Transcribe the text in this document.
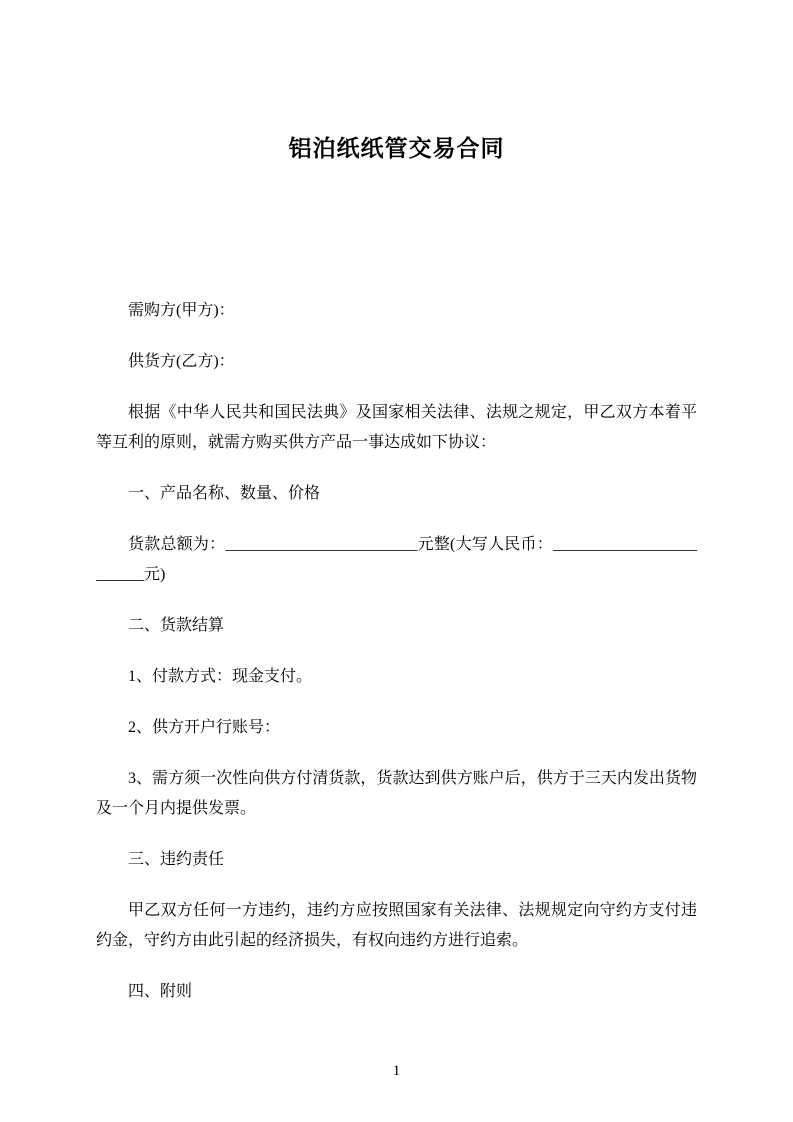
铝泊纸纸管交易合同

需购方(甲方)：

供货方(乙方)：

根据《中华人民共和国民法典》及国家相关法律、法规之规定，甲乙双方本着平等互利的原则，就需方购买供方产品一事达成如下协议：

一、产品名称、数量、价格

货款总额为：________________________元整(大写人民币：________________________元)

二、货款结算

1、付款方式：现金支付。

2、供方开户行账号：

3、需方须一次性向供方付清货款，货款达到供方账户后，供方于三天内发出货物及一个月内提供发票。

三、违约责任

甲乙双方任何一方违约，违约方应按照国家有关法律、法规规定向守约方支付违约金，守约方由此引起的经济损失，有权向违约方进行追索。

四、附则

1
